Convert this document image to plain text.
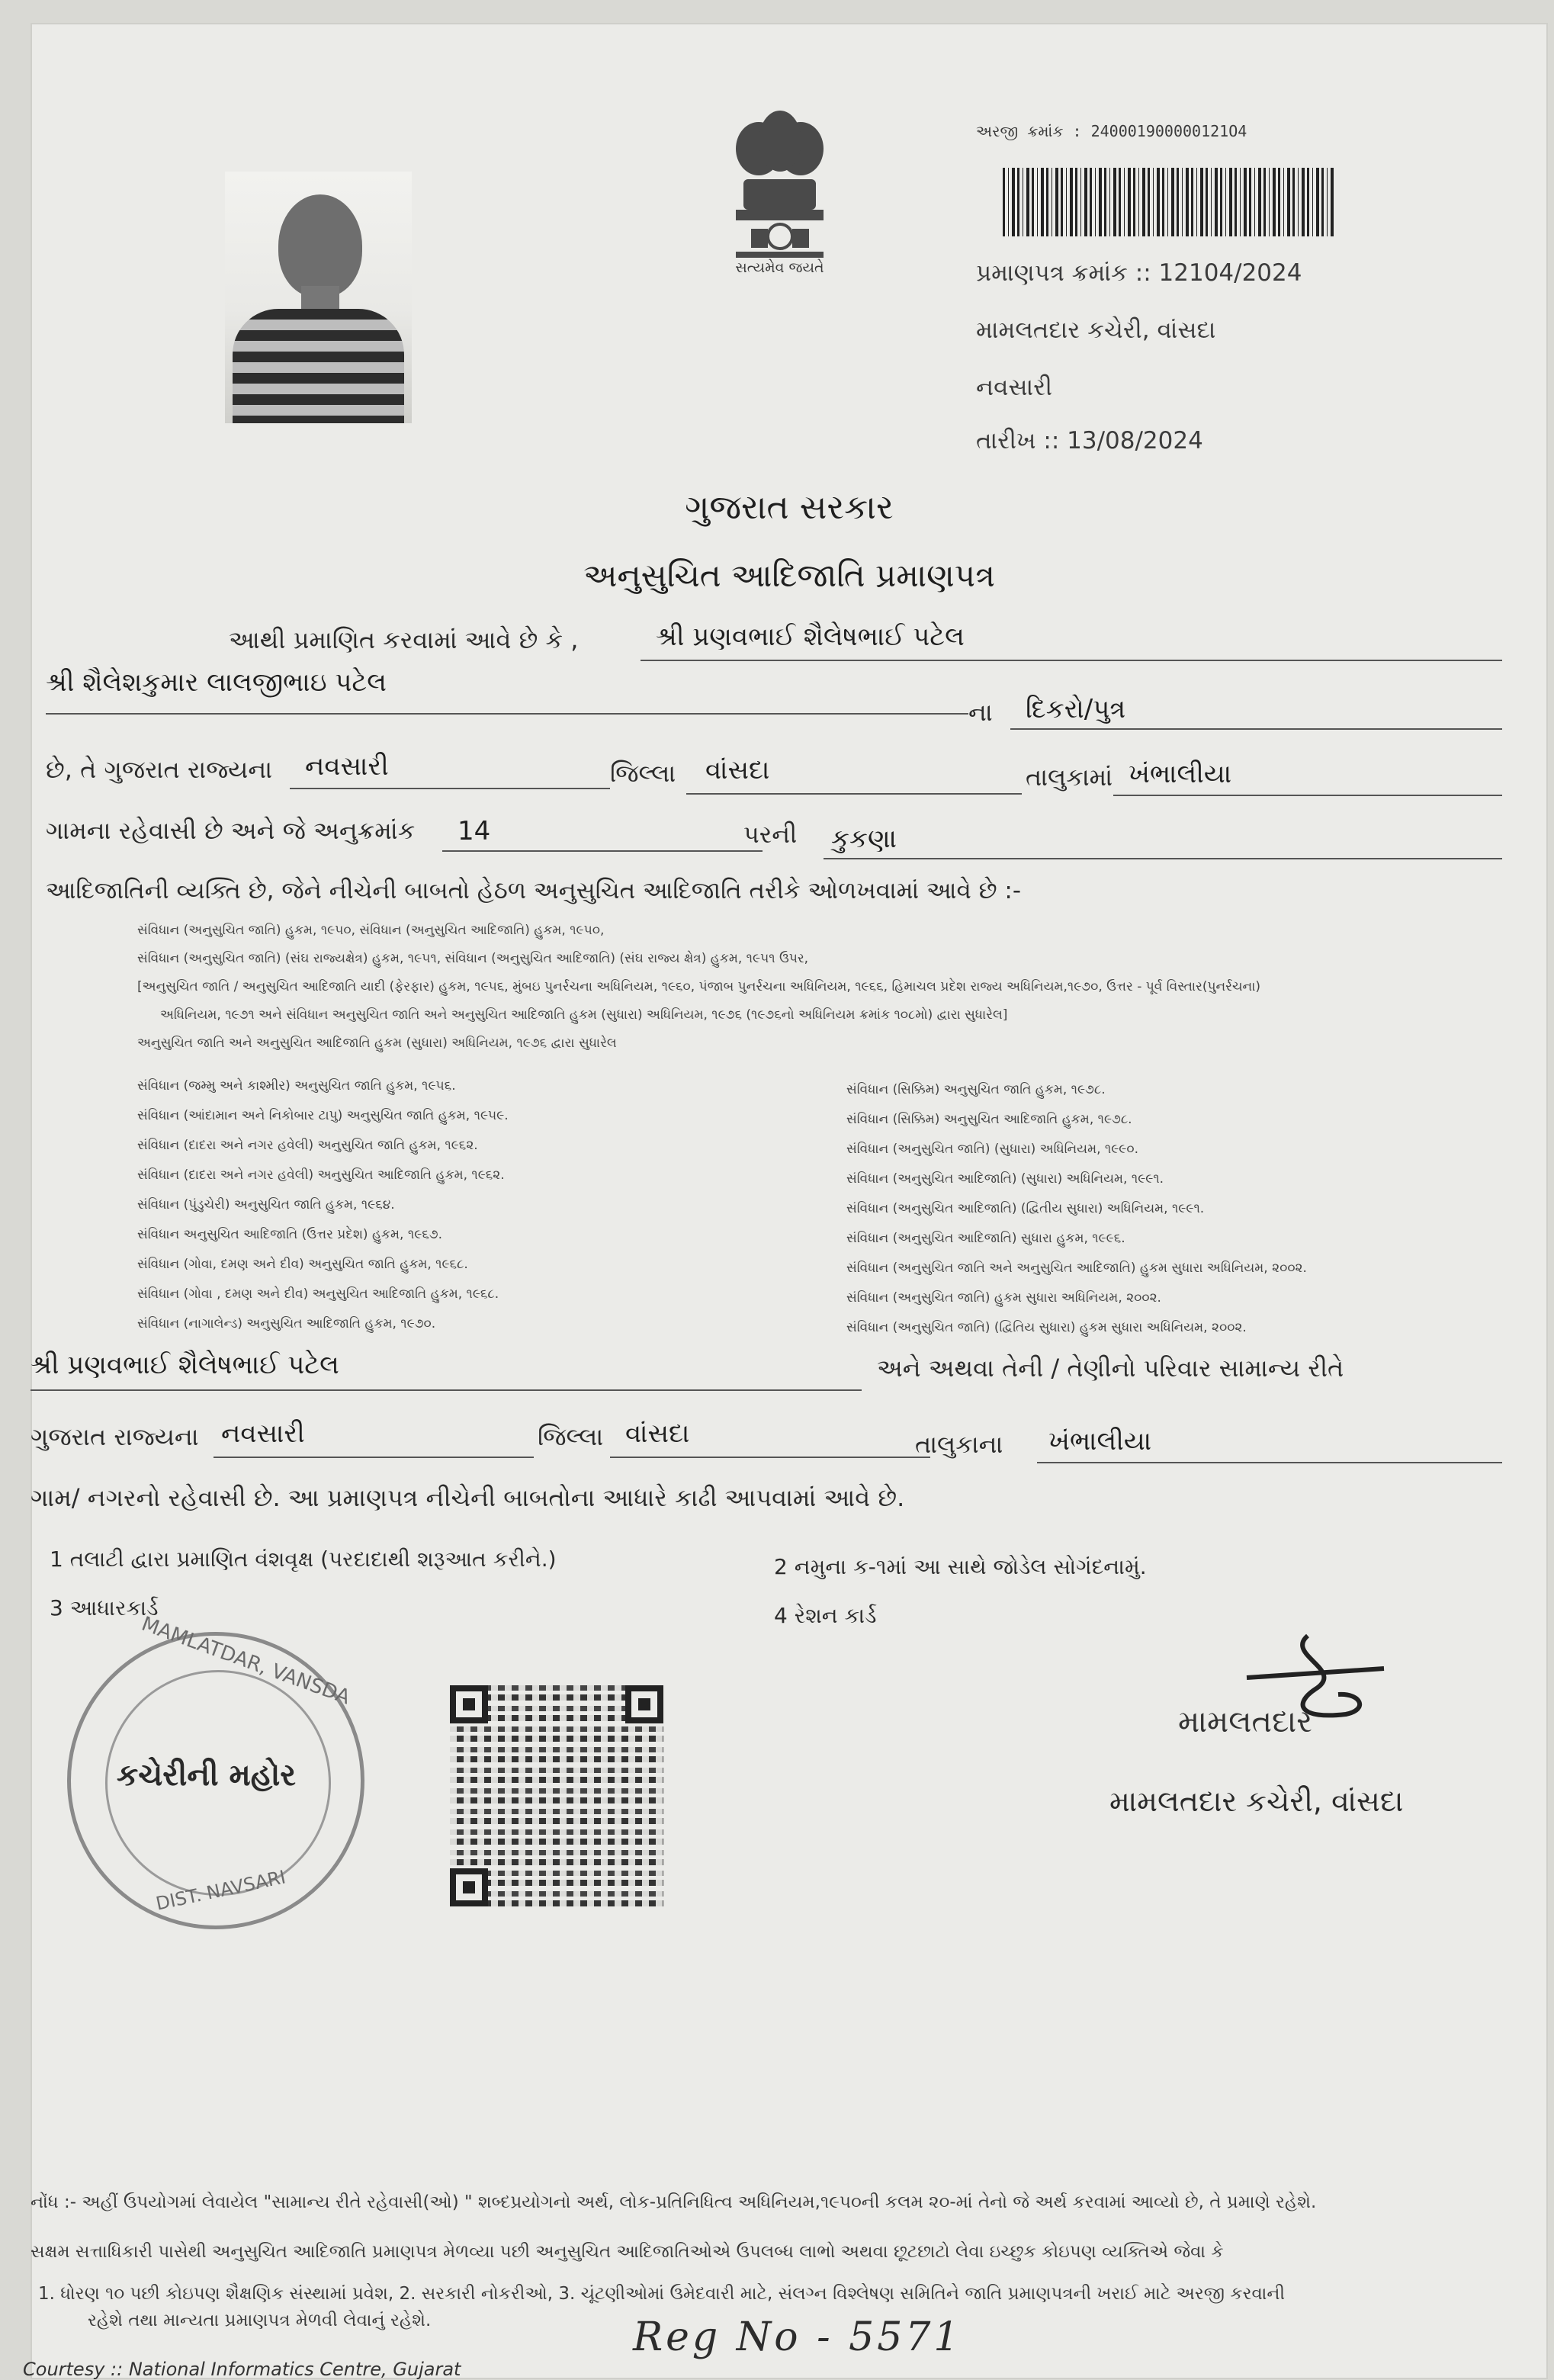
સત્યમેવ જયતે
અરજી ક્રમાંક : 240001900000121O4
પ્રમાણપત્ર ક્રમાંક :: 12104/2024
મામલતદાર કચેરી, વાંસદા
નવસારી
તારીખ :: 13/08/2024
ગુજરાત સરકાર
અનુસુચિત આદિજાતિ પ્રમાણપત્ર
આથી પ્રમાણિત કરવામાં આવે છે કે ,	શ્રી પ્રણવભાઈ શૈલેષભાઈ પટેલ
શ્રી શૈલેશકુમાર લાલજીભાઇ પટેલ
ના દિકરો/પુત્ર
છે, તે ગુજરાત રાજ્યના નવસારી	જિલ્લા વાંસદા	તાલુકામાં ખંભાલીયા
ગામના રહેવાસી છે અને જે અનુક્રમાંક 14	પરની કુકણા
આદિજાતિની વ્યક્તિ છે, જેને નીચેની બાબતો હેઠળ અનુસુચિત આદિજાતિ તરીકે ઓળખવામાં આવે છે :-
સંવિધાન (અનુસુચિત જાતિ) હુકમ, ૧૯૫૦, સંવિધાન (અનુસુચિત આદિજાતિ) હુકમ, ૧૯૫૦,
સંવિધાન (અનુસુચિત જાતિ) (સંઘ રાજ્યક્ષેત્ર) હુકમ, ૧૯૫૧, સંવિધાન (અનુસુચિત આદિજાતિ) (સંઘ રાજ્ય ક્ષેત્ર) હુકમ, ૧૯૫૧ ઉપર,
[અનુસુચિત જાતિ / અનુસુચિત આદિજાતિ યાદી (ફેરફાર) હુકમ, ૧૯૫૬, મુંબઇ પુનર્રચના અધિનિયમ, ૧૯૬૦, પંજાબ પુનર્રચના અધિનિયમ, ૧૯૬૬, હિમાચલ પ્રદેશ રાજ્ય અધિનિયમ,૧૯૭૦, ઉત્તર - પૂર્વ વિસ્તાર(પુનર્રચના)
અધિનિયમ, ૧૯૭૧ અને સંવિધાન અનુસુચિત જાતિ અને અનુસુચિત આદિજાતિ હુકમ (સુધારા) અધિનિયમ, ૧૯૭૬ (૧૯૭૬નો અધિનિયમ ક્રમાંક ૧૦૮મો) દ્વારા સુધારેલ]
અનુસુચિત જાતિ અને અનુસુચિત આદિજાતિ હુકમ (સુધારા) અધિનિયમ, ૧૯૭૬ દ્વારા સુધારેલ
સંવિધાન (જમ્મુ અને કાશ્મીર) અનુસુચિત જાતિ હુકમ, ૧૯૫૬.
સંવિધાન (આંદામાન અને નિકોબાર ટાપુ) અનુસુચિત જાતિ હુકમ, ૧૯૫૯.
સંવિધાન (દાદરા અને નગર હવેલી) અનુસુચિત જાતિ હુકમ, ૧૯૬૨.
સંવિધાન (દાદરા અને નગર હવેલી) અનુસુચિત આદિજાતિ હુકમ, ૧૯૬૨.
સંવિધાન (પુંડુચેરી) અનુસુચિત જાતિ હુકમ, ૧૯૬૪.
સંવિધાન અનુસુચિત આદિજાતિ (ઉત્તર પ્રદેશ) હુકમ, ૧૯૬૭.
સંવિધાન (ગોવા, દમણ અને દીવ) અનુસુચિત જાતિ હુકમ, ૧૯૬૮.
સંવિધાન (ગોવા , દમણ અને દીવ) અનુસુચિત આદિજાતિ હુકમ, ૧૯૬૮.
સંવિધાન (નાગાલેન્ડ) અનુસુચિત આદિજાતિ હુકમ, ૧૯૭૦.
સંવિધાન (સિક્કિમ) અનુસુચિત જાતિ હુકમ, ૧૯૭૮.
સંવિધાન (સિક્કિમ) અનુસુચિત આદિજાતિ હુકમ, ૧૯૭૮.
સંવિધાન (અનુસુચિત જાતિ) (સુધારા) અધિનિયમ, ૧૯૯૦.
સંવિધાન (અનુસુચિત આદિજાતિ) (સુધારા) અધિનિયમ, ૧૯૯૧.
સંવિધાન (અનુસુચિત આદિજાતિ) (દ્વિતીય સુધારા) અધિનિયમ, ૧૯૯૧.
સંવિધાન (અનુસુચિત આદિજાતિ) સુધારા હુકમ, ૧૯૯૬.
સંવિધાન (અનુસુચિત જાતિ અને અનુસુચિત આદિજાતિ) હુકમ સુધારા અધિનિયમ, ૨૦૦૨.
સંવિધાન (અનુસુચિત જાતિ) હુકમ સુધારા અધિનિયમ, ૨૦૦૨.
સંવિધાન (અનુસુચિત જાતિ) (દ્વિતિય સુધારા) હુકમ સુધારા અધિનિયમ, ૨૦૦૨.
શ્રી પ્રણવભાઈ શૈલેષભાઈ પટેલ	અને અથવા તેની / તેણીનો પરિવાર સામાન્ય રીતે
ગુજરાત રાજ્યના નવસારી	જિલ્લા વાંસદા	તાલુકાના ખંભાલીયા
ગામ/ નગરનો રહેવાસી છે. આ પ્રમાણપત્ર નીચેની બાબતોના આધારે કાઢી આપવામાં આવે છે.
1 તલાટી દ્વારા પ્રમાણિત વંશવૃક્ષ (પરદાદાથી શરૂઆત કરીને.)	2 નમુના ક-૧માં આ સાથે જોડેલ સોગંદનામું.
3 આધારકાર્ડ	4 રેશન કાર્ડ
MAMLATDAR, VANSDA
કચેરીની મહોર
DIST. NAVSARI
મામલતદાર
મામલતદાર કચેરી, વાંસદા
નોંધ :- અહીં ઉપયોગમાં લેવાયેલ "સામાન્ય રીતે રહેવાસી(ઓ) " શબ્દપ્રયોગનો અર્થ, લોક-પ્રતિનિધિત્વ અધિનિયમ,૧૯૫૦ની કલમ ૨૦-માં તેનો જે અર્થ કરવામાં આવ્યો છે, તે પ્રમાણે રહેશે.
સક્ષમ સત્તાધિકારી પાસેથી અનુસુચિત આદિજાતિ પ્રમાણપત્ર મેળવ્યા પછી અનુસુચિત આદિજાતિઓએ ઉપલબ્ધ લાભો અથવા છૂટછાટો લેવા ઇચ્છુક કોઇપણ વ્યક્તિએ જેવા કે
1. ધોરણ ૧૦ પછી કોઇપણ શૈક્ષણિક સંસ્થામાં પ્રવેશ, 2. સરકારી નોકરીઓ, 3. ચૂંટણીઓમાં ઉમેદવારી માટે, સંલગ્ન વિશ્લેષણ સમિતિને જાતિ પ્રમાણપત્રની ખરાઈ માટે અરજી કરવાની
રહેશે તથા માન્યતા પ્રમાણપત્ર મેળવી લેવાનું રહેશે.	Reg No - 5571
Courtesy :: National Informatics Centre, Gujarat
